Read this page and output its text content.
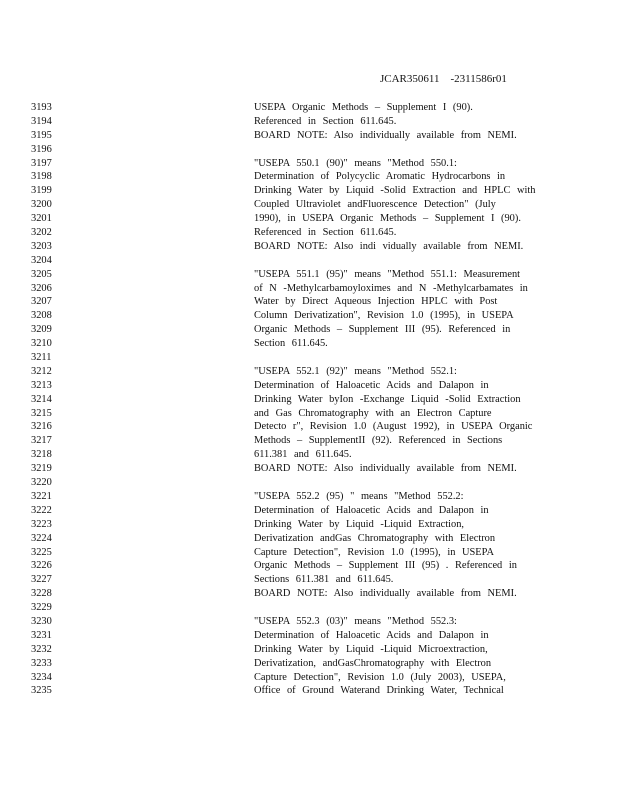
JCAR350611    -2311586r01
3193	USEPA Organic Methods – Supplement I (90).
3194	Referenced in Section 611.645.
3195	BOARD NOTE: Also individually available from NEMI.
3196
3197	"USEPA 550.1 (90)" means "Method 550.1:
3198	Determination of Polycyclic Aromatic Hydrocarbons in
3199	Drinking Water by Liquid -Solid Extraction and HPLC with
3200	Coupled Ultraviolet andFluorescence Detection" (July
3201	1990), in USEPA Organic Methods – Supplement I (90).
3202	Referenced in Section 611.645.
3203	BOARD NOTE: Also indi vidually available from NEMI.
3204
3205	"USEPA 551.1 (95)" means "Method 551.1: Measurement
3206	of N -Methylcarbamoyloximes and N -Methylcarbamates in
3207	Water by Direct Aqueous Injection HPLC with Post
3208	Column Derivatization", Revision 1.0 (1995), in USEPA
3209	Organic Methods – Supplement III (95). Referenced in
3210	Section 611.645.
3211
3212	"USEPA 552.1 (92)" means "Method 552.1:
3213	Determination of Haloacetic Acids and Dalapon in
3214	Drinking Water byIon -Exchange Liquid -Solid Extraction
3215	and Gas Chromatography with an Electron Capture
3216	Detecto r", Revision 1.0 (August 1992), in USEPA Organic
3217	Methods – SupplementII (92). Referenced in Sections
3218	611.381 and 611.645.
3219	BOARD NOTE: Also individually available from NEMI.
3220
3221	"USEPA 552.2 (95) " means "Method 552.2:
3222	Determination of Haloacetic Acids and Dalapon in
3223	Drinking Water by Liquid -Liquid Extraction,
3224	Derivatization andGas Chromatography with Electron
3225	Capture Detection", Revision 1.0 (1995), in USEPA
3226	Organic Methods – Supplement III (95) . Referenced in
3227	Sections 611.381 and 611.645.
3228	BOARD NOTE: Also individually available from NEMI.
3229
3230	"USEPA 552.3 (03)" means "Method 552.3:
3231	Determination of Haloacetic Acids and Dalapon in
3232	Drinking Water by Liquid -Liquid Microextraction,
3233	Derivatization, andGasChromatography with Electron
3234	Capture Detection", Revision 1.0 (July 2003), USEPA,
3235	Office of Ground Waterand Drinking Water, Technical
